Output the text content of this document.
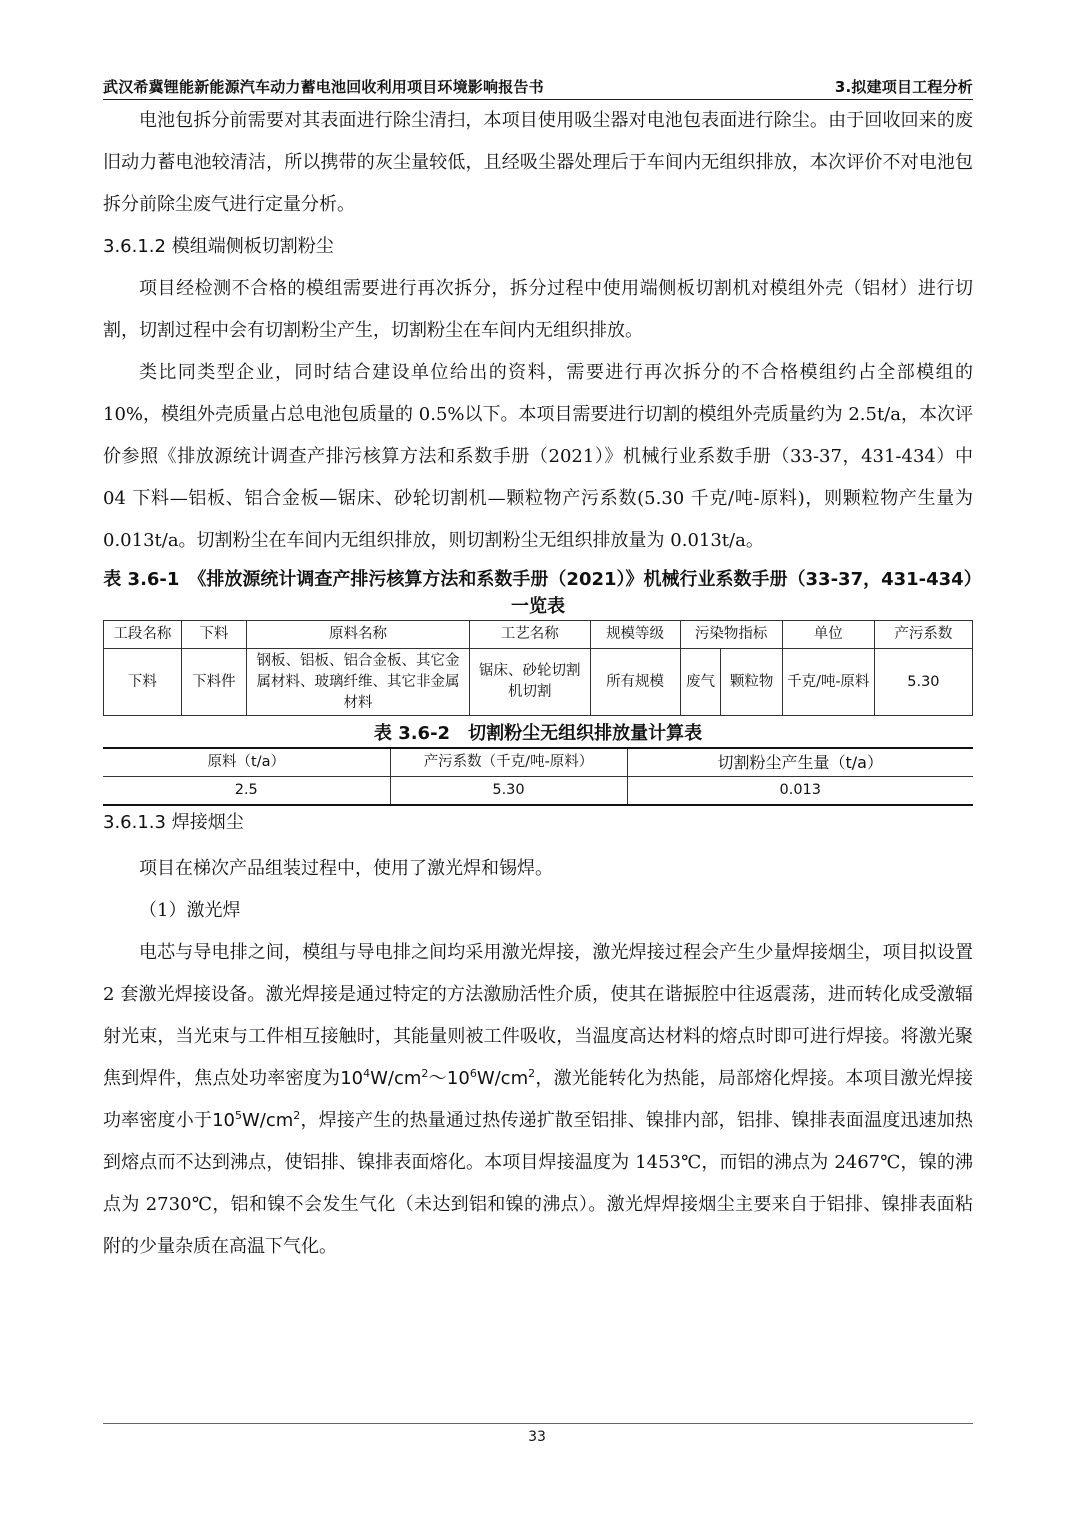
武汉希冀锂能新能源汽车动力蓄电池回收利用项目环境影响报告书	3.拟建项目工程分析

电池包拆分前需要对其表面进行除尘清扫，本项目使用吸尘器对电池包表面进行除尘。由于回收回来的废旧动力蓄电池较清洁，所以携带的灰尘量较低，且经吸尘器处理后于车间内无组织排放，本次评价不对电池包拆分前除尘废气进行定量分析。

3.6.1.2 模组端侧板切割粉尘

项目经检测不合格的模组需要进行再次拆分，拆分过程中使用端侧板切割机对模组外壳（铝材）进行切割，切割过程中会有切割粉尘产生，切割粉尘在车间内无组织排放。

类比同类型企业，同时结合建设单位给出的资料，需要进行再次拆分的不合格模组约占全部模组的 10%，模组外壳质量占总电池包质量的 0.5%以下。本项目需要进行切割的模组外壳质量约为 2.5t/a，本次评价参照《排放源统计调查产排污核算方法和系数手册（2021）》机械行业系数手册（33-37，431-434）中 04 下料—铝板、铝合金板—锯床、砂轮切割机—颗粒物产污系数(5.30 千克/吨-原料)，则颗粒物产生量为 0.013t/a。切割粉尘在车间内无组织排放，则切割粉尘无组织排放量为 0.013t/a。

表 3.6-1　《排放源统计调查产排污核算方法和系数手册（2021）》机械行业系数手册（33-37，431-434）一览表

工段名称	下料	原料名称	工艺名称	规模等级	污染物指标		单位	产污系数
下料	下料件	钢板、铝板、铝合金板、其它金属材料、玻璃纤维、其它非金属材料	锯床、砂轮切割机切割	所有规模	废气	颗粒物	千克/吨-原料	5.30

表 3.6-2　切割粉尘无组织排放量计算表

原料（t/a）	产污系数（千克/吨-原料）	切割粉尘产生量（t/a）
2.5	5.30	0.013

3.6.1.3 焊接烟尘

项目在梯次产品组装过程中，使用了激光焊和锡焊。

（1）激光焊

电芯与导电排之间，模组与导电排之间均采用激光焊接，激光焊接过程会产生少量焊接烟尘，项目拟设置 2 套激光焊接设备。激光焊接是通过特定的方法激励活性介质，使其在谐振腔中往返震荡，进而转化成受激辐射光束，当光束与工件相互接触时，其能量则被工件吸收，当温度高达材料的熔点时即可进行焊接。将激光聚焦到焊件，焦点处功率密度为$10^4W/cm^2\sim 10^6W/cm^2$，激光能转化为热能，局部熔化焊接。本项目激光焊接功率密度小于$10^5W/cm^2$，焊接产生的热量通过热传递扩散至铝排、镍排内部，铝排、镍排表面温度迅速加热到熔点而不达到沸点，使铝排、镍排表面熔化。本项目焊接温度为 1453℃，而铝的沸点为 2467℃，镍的沸点为 2730℃，铝和镍不会发生气化（未达到铝和镍的沸点）。激光焊焊接烟尘主要来自于铝排、镍排表面粘附的少量杂质在高温下气化。

33
